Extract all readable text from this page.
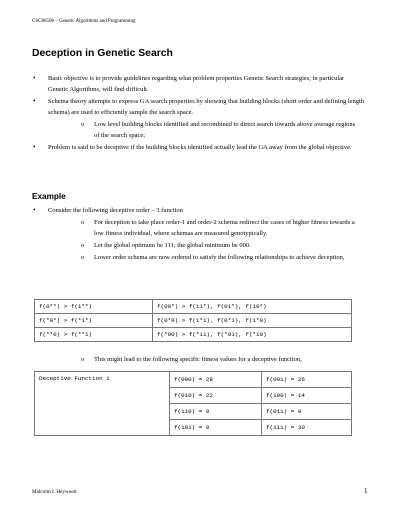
CSC86506 – Genetic Algorithms and Programming
Deception in Genetic Search
• Basic objective is to provide guidelines regarding what problem properties Genetic Search strategies, in particular Genetic Algorithms, will find difficult.
• Schema theory attempts to express GA search properties by showing that building blocks (short order and defining length schema) are used to efficiently sample the search space.
o Low level building blocks identified and recombined to direct search towards above average regions of the search space;
• Problem is said to be deceptive if the building blocks identified actually lead the GA away from the global objective.
Example
• Consider the following deceptive order – 3 function
o For deception to take place order-1 and order-2 schema redirect the cases of higher fitness towards a low fitness individual, where schemas are measured genotypically.
o Let the global optimum be 111; the global minimum be 000.
o Lower order schema are now ordered to satisfy the following relationships to achieve deception,
f(0**) > f(1**)	f(00*) > f(11*), f(01*), f(10*)
f(*0*) > f(*1*)	f(0*0) > f(1*1), f(0*1), f(1*0)
f(**0) > f(**1)	f(*00) > f(*11), f(*01), f(*10)
o This might lead to the following specific fitness values for a deceptive function,
Deceptive Function 1	f(000) = 28	f(001) = 26
	f(010) = 22	f(100) = 14
	f(110) = 0	f(011) = 0
	f(101) = 0	f(111) = 30
Malcolm I. Heywood	1
